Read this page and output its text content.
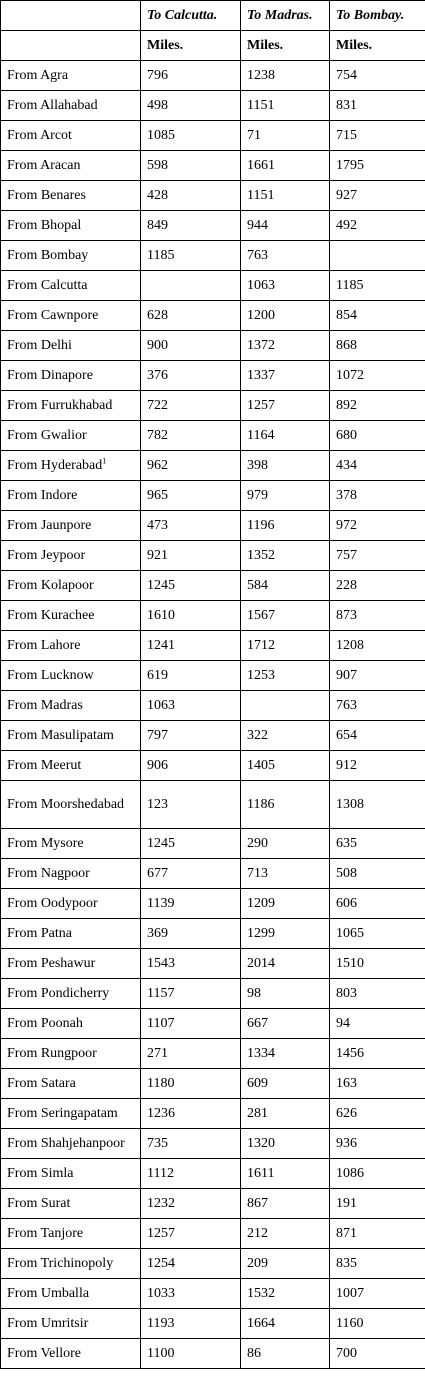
	To Calcutta.	To Madras.	To Bombay.
	Miles.	Miles.	Miles.
From Agra	796	1238	754
From Allahabad	498	1151	831
From Arcot	1085	71	715
From Aracan	598	1661	1795
From Benares	428	1151	927
From Bhopal	849	944	492
From Bombay	1185	763	
From Calcutta		1063	1185
From Cawnpore	628	1200	854
From Delhi	900	1372	868
From Dinapore	376	1337	1072
From Furrukhabad	722	1257	892
From Gwalior	782	1164	680
From Hyderabad$^1$	962	398	434
From Indore	965	979	378
From Jaunpore	473	1196	972
From Jeypoor	921	1352	757
From Kolapoor	1245	584	228
From Kurachee	1610	1567	873
From Lahore	1241	1712	1208
From Lucknow	619	1253	907
From Madras	1063		763
From Masulipatam	797	322	654
From Meerut	906	1405	912
From Moorshedabad	123	1186	1308
From Mysore	1245	290	635
From Nagpoor	677	713	508
From Oodypoor	1139	1209	606
From Patna	369	1299	1065
From Peshawur	1543	2014	1510
From Pondicherry	1157	98	803
From Poonah	1107	667	94
From Rungpoor	271	1334	1456
From Satara	1180	609	163
From Seringapatam	1236	281	626
From Shahjehanpoor	735	1320	936
From Simla	1112	1611	1086
From Surat	1232	867	191
From Tanjore	1257	212	871
From Trichinopoly	1254	209	835
From Umballa	1033	1532	1007
From Umritsir	1193	1664	1160
From Vellore	1100	86	700
